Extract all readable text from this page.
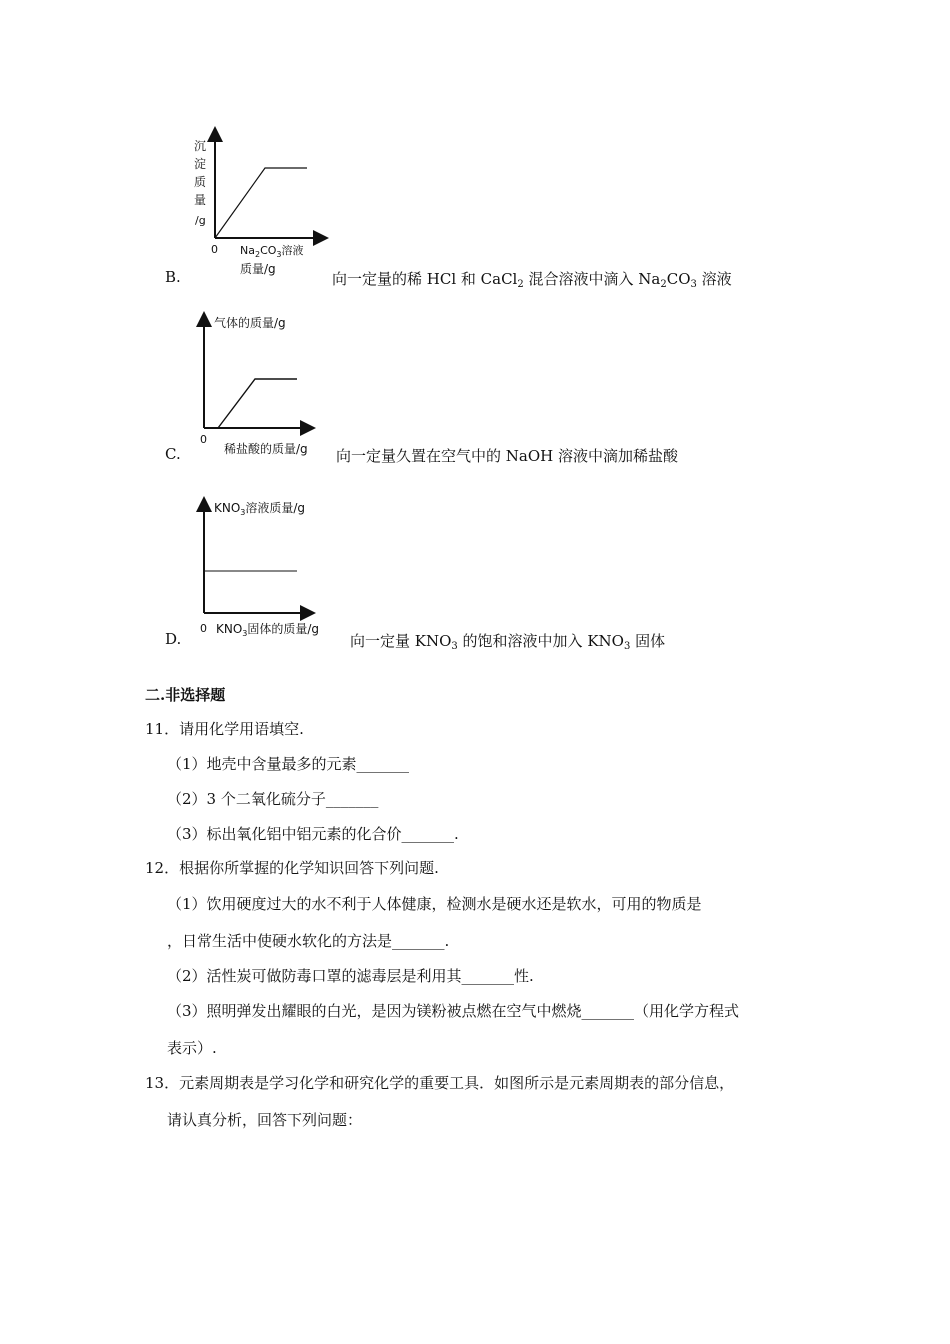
沉
淀
质
量
/g
0 $Na_2CO_3$溶液
质量/g
B.	向一定量的稀 HCl 和 CaCl$_2$ 混合溶液中滴入 $Na_2CO_3$ 溶液
气体的质量/g
0
稀盐酸的质量/g
C.	向一定量久置在空气中的 NaOH 溶液中滴加稀盐酸
$KNO_3$溶液质量/g
0 $KNO_3$固体的质量/g
D.	向一定量 $KNO_3$ 的饱和溶液中加入 $KNO_3$ 固体
二.非选择题
11．请用化学用语填空.
（1）地壳中含量最多的元素_______
（2）3 个二氧化硫分子_______
（3）标出氧化铝中铝元素的化合价_______.
12．根据你所掌握的化学知识回答下列问题.
（1）饮用硬度过大的水不利于人体健康，检测水是硬水还是软水，可用的物质是
，日常生活中使硬水软化的方法是_______.
（2）活性炭可做防毒口罩的滤毒层是利用其_______性.
（3）照明弹发出耀眼的白光，是因为镁粉被点燃在空气中燃烧_______（用化学方程式
表示）.
13．元素周期表是学习化学和研究化学的重要工具．如图所示是元素周期表的部分信息，
请认真分析，回答下列问题：
